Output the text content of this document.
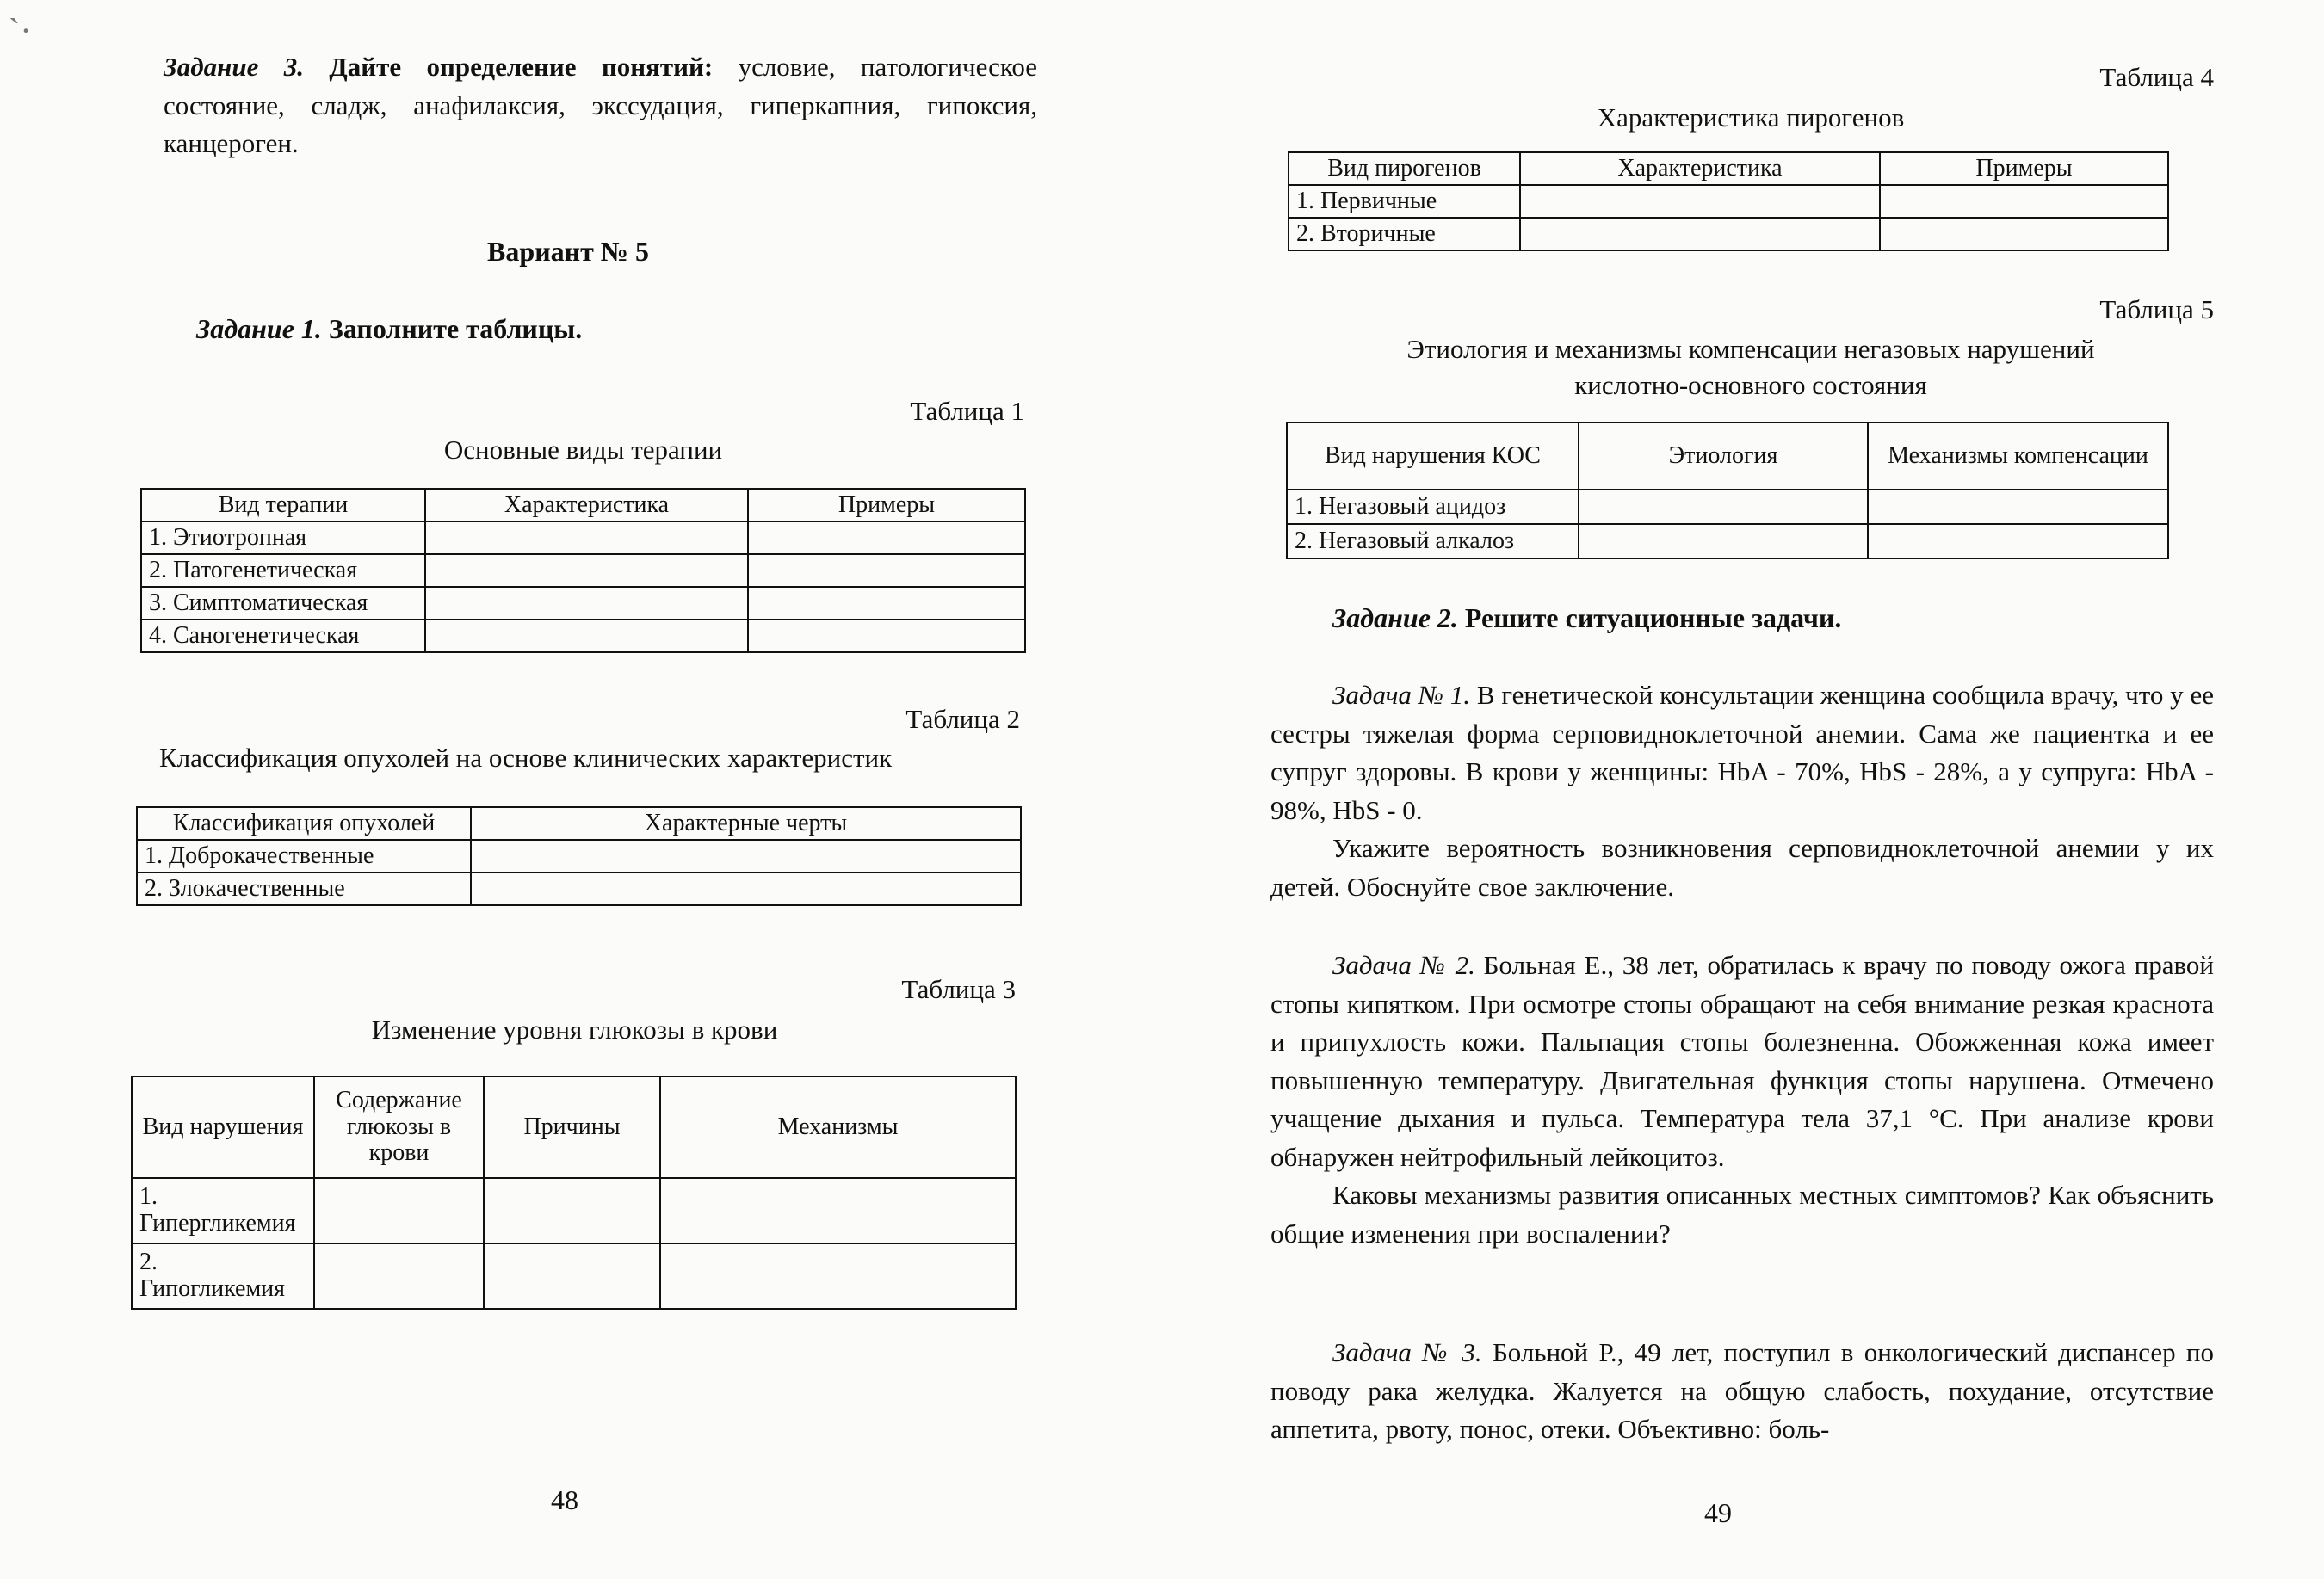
ˋ·
Задание 3. Дайте определение понятий: условие, патологическое состояние, сладж, анафилаксия, экссудация, гиперкапния, гипоксия, канцероген.
Вариант № 5
Задание 1. Заполните таблицы.
Таблица 1
Основные виды терапии
Вид терапии	Характеристика	Примеры
1. Этиотропная		
2. Патогенетическая		
3. Симптоматическая		
4. Саногенетическая		
Таблица 2
Классификация опухолей на основе клинических характеристик
Классификация опухолей	Характерные черты
1. Доброкачественные	
2. Злокачественные	
Таблица 3
Изменение уровня глюкозы в крови
Вид нарушения	Содержание глюкозы в крови	Причины	Механизмы
1. Гипергликемия			
2. Гипогликемия			
48
Таблица 4
Характеристика пирогенов
Вид пирогенов	Характеристика	Примеры
1. Первичные		
2. Вторичные		
Таблица 5
Этиология и механизмы компенсации негазовых нарушений
кислотно-основного состояния
Вид нарушения КОС	Этиология	Механизмы компенсации
1. Негазовый ацидоз		
2. Негазовый алкалоз		
Задание 2. Решите ситуационные задачи.

Задача № 1. В генетической консультации женщина сообщила врачу, что у ее сестры тяжелая форма серповидноклеточной анемии. Сама же пациентка и ее супруг здоровы. В крови у женщины: HbA - 70%, HbS - 28%, а у супруга: HbA - 98%, HbS - 0.

Укажите вероятность возникновения серповидноклеточной анемии у их детей. Обоснуйте свое заключение.

Задача № 2. Больная Е., 38 лет, обратилась к врачу по поводу ожога правой стопы кипятком. При осмотре стопы обращают на себя внимание резкая краснота и припухлость кожи. Пальпация стопы болезненна. Обожженная кожа имеет повышенную температуру. Двигательная функция стопы нарушена. Отмечено учащение дыхания и пульса. Температура тела 37,1 °С. При анализе крови обнаружен нейтрофильный лейкоцитоз.

Каковы механизмы развития описанных местных симптомов? Как объяснить общие изменения при воспалении?

Задача № 3. Больной Р., 49 лет, поступил в онкологический диспансер по поводу рака желудка. Жалуется на общую слабость, похудание, отсутствие аппетита, рвоту, понос, отеки. Объективно: боль-

49
